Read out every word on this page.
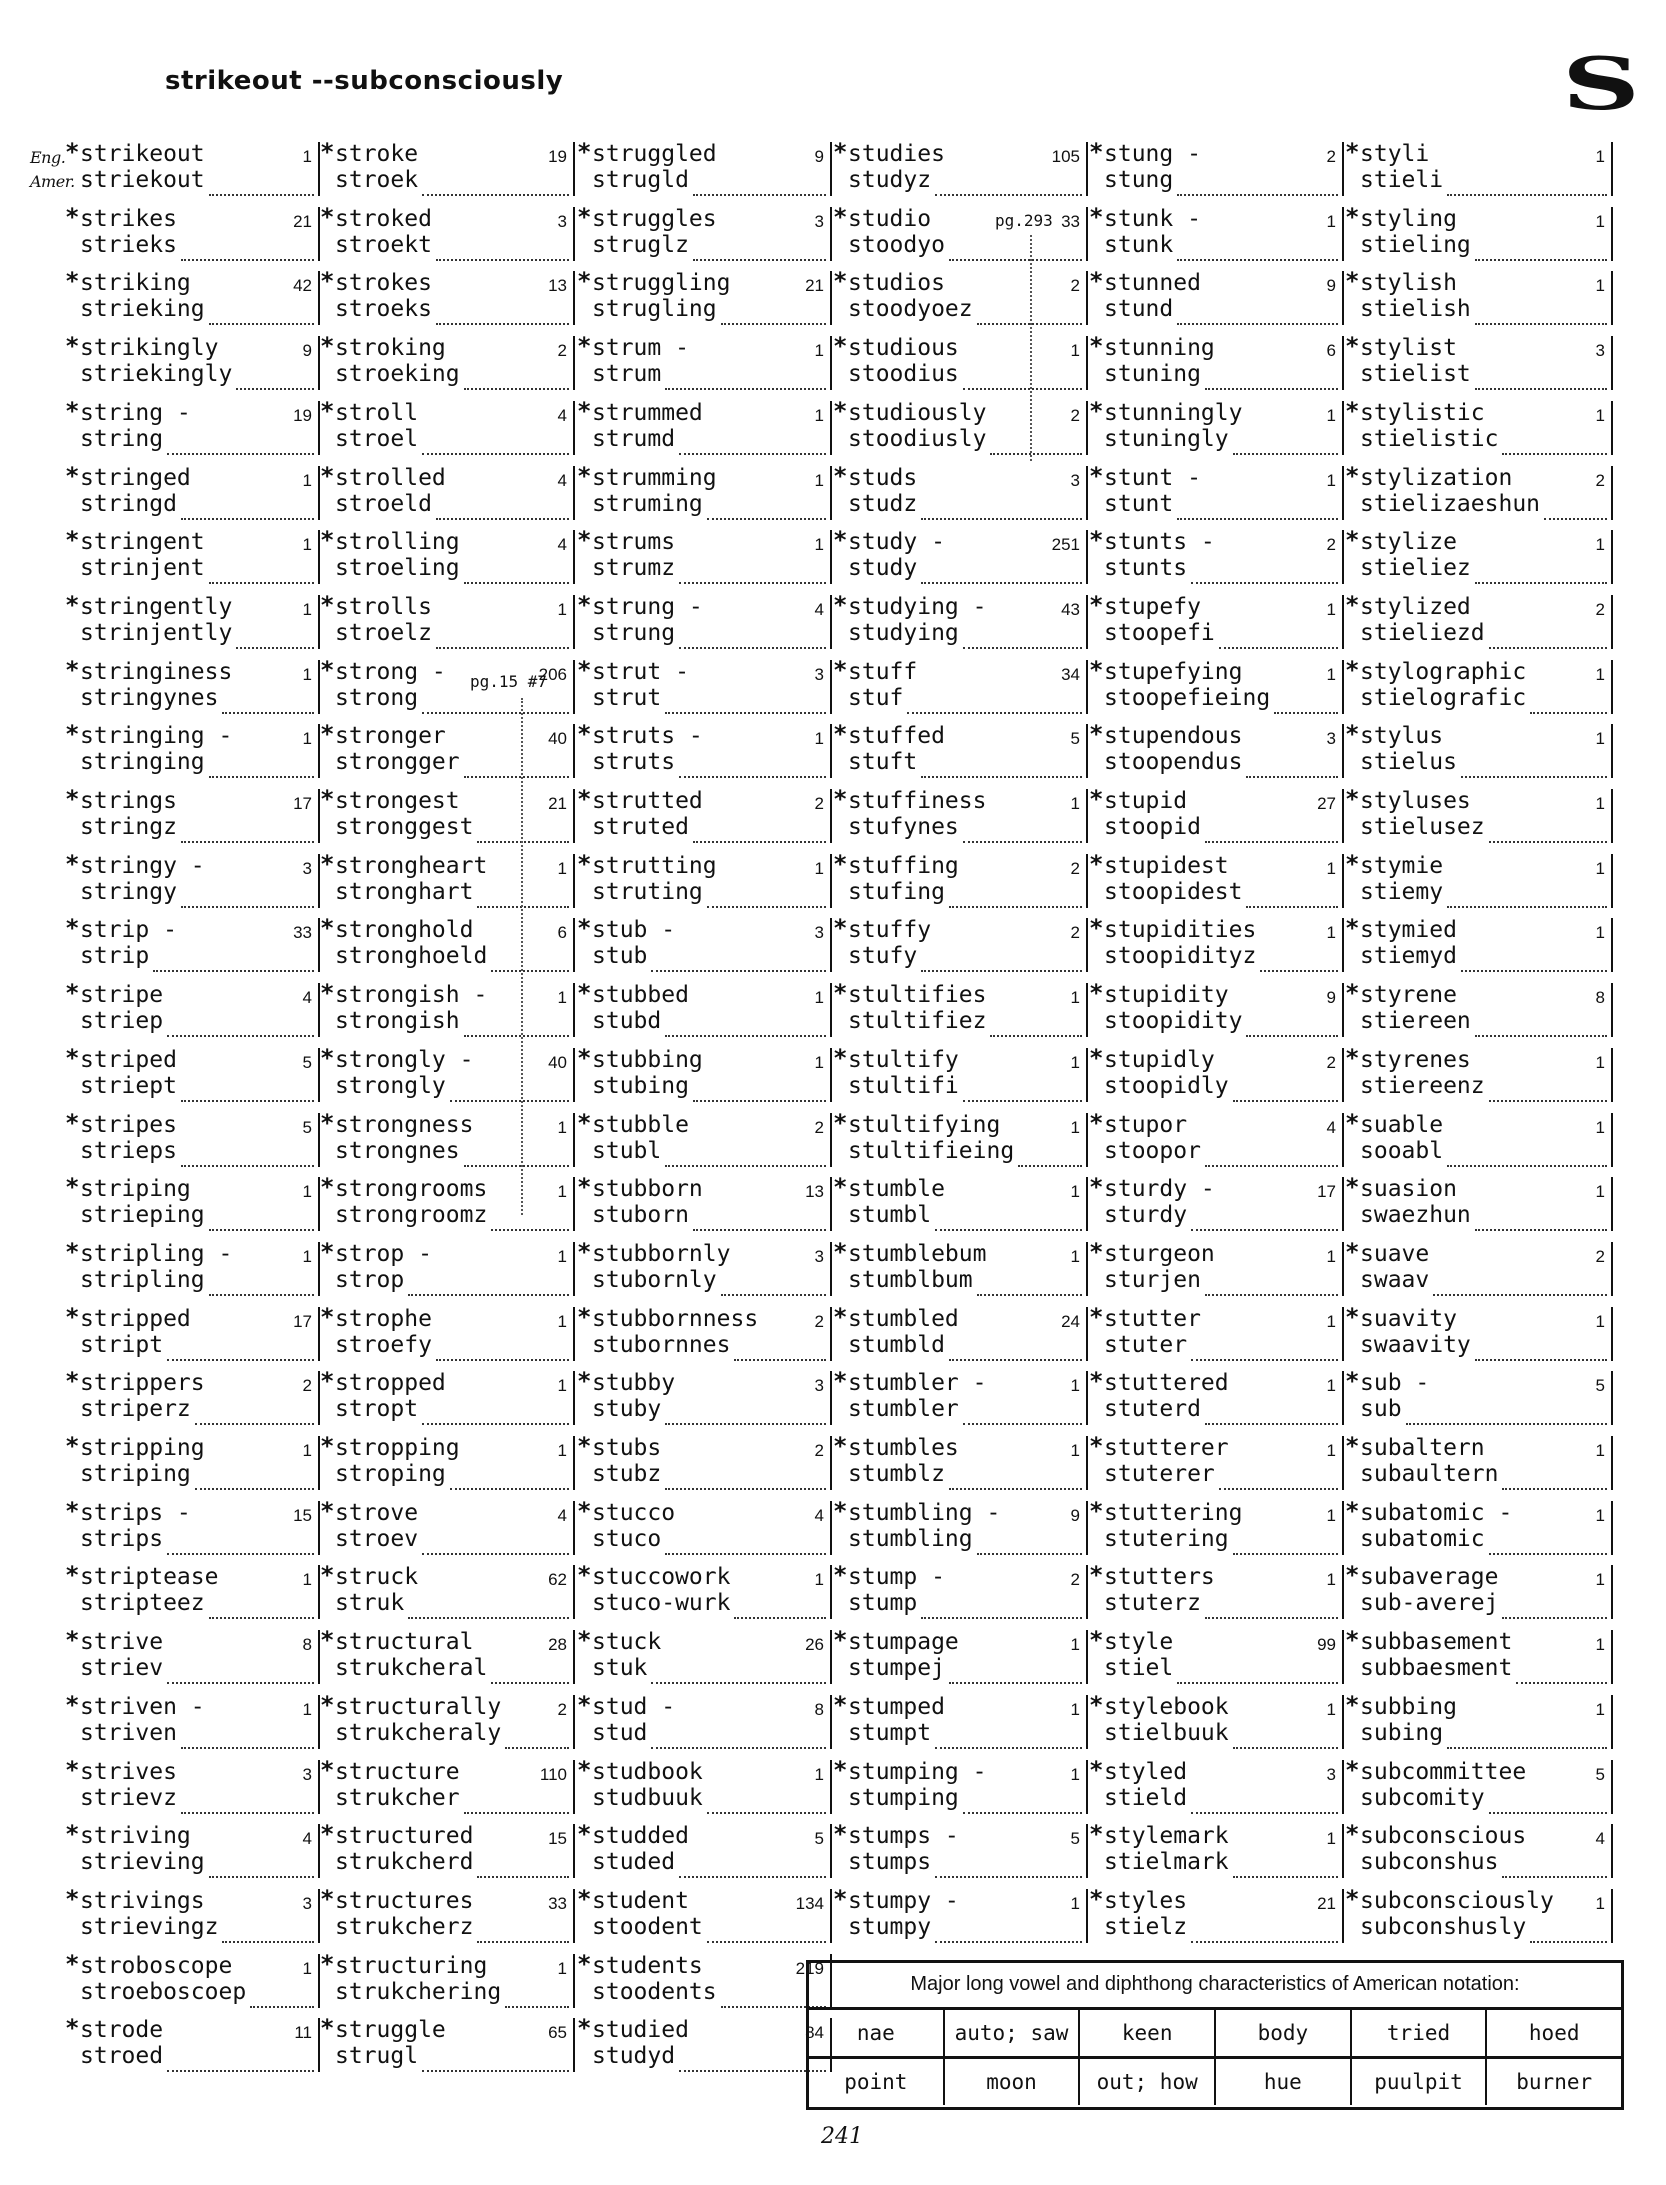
strikeout --subconsciously	S
Eng.
Amer.
* strikeout
striekout
1
* strikes
strieks
21
* striking
strieking
42
* strikingly
striekingly
9
* string -
string
19
* stringed
stringd
1
* stringent
strinjent
1
* stringently
strinjently
1
* stringiness
stringynes
1
* stringing -
stringing
1
* strings
stringz
17
* stringy -
stringy
3
* strip -
strip
33
* stripe
striep
4
* striped
striept
5
* stripes
strieps
5
* striping
strieping
1
* stripling -
stripling
1
* stripped
stript
17
* strippers
striperz
2
* stripping
striping
1
* strips -
strips
15
* striptease
stripteez
1
* strive
striev
8
* striven -
striven
1
* strives
strievz
3
* striving
strieving
4
* strivings
strievingz
3
* stroboscope
stroeboscoep
1
* strode
stroed
11
* stroke
stroek
19
* stroked
stroekt
3
* strokes
stroeks
13
* stroking
stroeking
2
* stroll
stroel
4
* strolled
stroeld
4
* strolling
stroeling
4
* strolls
stroelz
1
* strong -
strong
206
* stronger
strongger
40
* strongest
stronggest
21
* strongheart
stronghart
1
* stronghold
stronghoeld
6
* strongish -
strongish
1
* strongly -
strongly
40
* strongness
strongnes
1
* strongrooms
strongroomz
1
* strop -
strop
1
* strophe
stroefy
1
* stropped
stropt
1
* stropping
stroping
1
* strove
stroev
4
* struck
struk
62
* structural
strukcheral
28
* structurally
strukcheraly
2
* structure
strukcher
110
* structured
strukcherd
15
* structures
strukcherz
33
* structuring
strukchering
1
* struggle
strugl
65
* struggled
strugld
9
* struggles
struglz
3
* struggling
strugling
21
* strum -
strum
1
* strummed
strumd
1
* strumming
struming
1
* strums
strumz
1
* strung -
strung
4
* strut -
strut
3
* struts -
struts
1
* strutted
struted
2
* strutting
struting
1
* stub -
stub
3
* stubbed
stubd
1
* stubbing
stubing
1
* stubble
stubl
2
* stubborn
stuborn
13
* stubbornly
stubornly
3
* stubbornness
stubornnes
2
* stubby
stuby
3
* stubs
stubz
2
* stucco
stuco
4
* stuccowork
stuco-wurk
1
* stuck
stuk
26
* stud -
stud
8
* studbook
studbuuk
1
* studded
studed
5
* student
stoodent
134
* students
stoodents
219
* studied
studyd
84
* studies
studyz
105
* studio
stoodyo
33
* studios
stoodyoez
2
* studious
stoodius
1
* studiously
stoodiusly
2
* studs
studz
3
* study -
study
251
* studying -
studying
43
* stuff
stuf
34
* stuffed
stuft
5
* stuffiness
stufynes
1
* stuffing
stufing
2
* stuffy
stufy
2
* stultifies
stultifiez
1
* stultify
stultifi
1
* stultifying
stultifieing
1
* stumble
stumbl
1
* stumblebum
stumblbum
1
* stumbled
stumbld
24
* stumbler -
stumbler
1
* stumbles
stumblz
1
* stumbling -
stumbling
9
* stump -
stump
2
* stumpage
stumpej
1
* stumped
stumpt
1
* stumping -
stumping
1
* stumps -
stumps
5
* stumpy -
stumpy
1
* stung -
stung
2
* stunk -
stunk
1
* stunned
stund
9
* stunning
stuning
6
* stunningly
stuningly
1
* stunt -
stunt
1
* stunts -
stunts
2
* stupefy
stoopefi
1
* stupefying
stoopefieing
1
* stupendous
stoopendus
3
* stupid
stoopid
27
* stupidest
stoopidest
1
* stupidities
stoopidityz
1
* stupidity
stoopidity
9
* stupidly
stoopidly
2
* stupor
stoopor
4
* sturdy -
sturdy
17
* sturgeon
sturjen
1
* stutter
stuter
1
* stuttered
stuterd
1
* stutterer
stuterer
1
* stuttering
stutering
1
* stutters
stuterz
1
* style
stiel
99
* stylebook
stielbuuk
1
* styled
stield
3
* stylemark
stielmark
1
* styles
stielz
21
* styli
stieli
1
* styling
stieling
1
* stylish
stielish
1
* stylist
stielist
3
* stylistic
stielistic
1
* stylization
stielizaeshun
2
* stylize
stieliez
1
* stylized
stieliezd
2
* stylographic
stielografic
1
* stylus
stielus
1
* styluses
stielusez
1
* stymie
stiemy
1
* stymied
stiemyd
1
* styrene
stiereen
8
* styrenes
stiereenz
1
* suable
sooabl
1
* suasion
swaezhun
1
* suave
swaav
2
* suavity
swaavity
1
* sub -
sub
5
* subaltern
subaultern
1
* subatomic -
subatomic
1
* subaverage
sub-averej
1
* subbasement
subbaesment
1
* subbing
subing
1
* subcommittee
subcomity
5
* subconscious
subconshus
4
* subconsciously
subconshusly
1
pg.15 #7
pg.293
Major long vowel and diphthong characteristics of American notation:
nae	auto; saw	keen	body	tried	hoed
point	moon	out; how	hue	puulpit	burner
241
